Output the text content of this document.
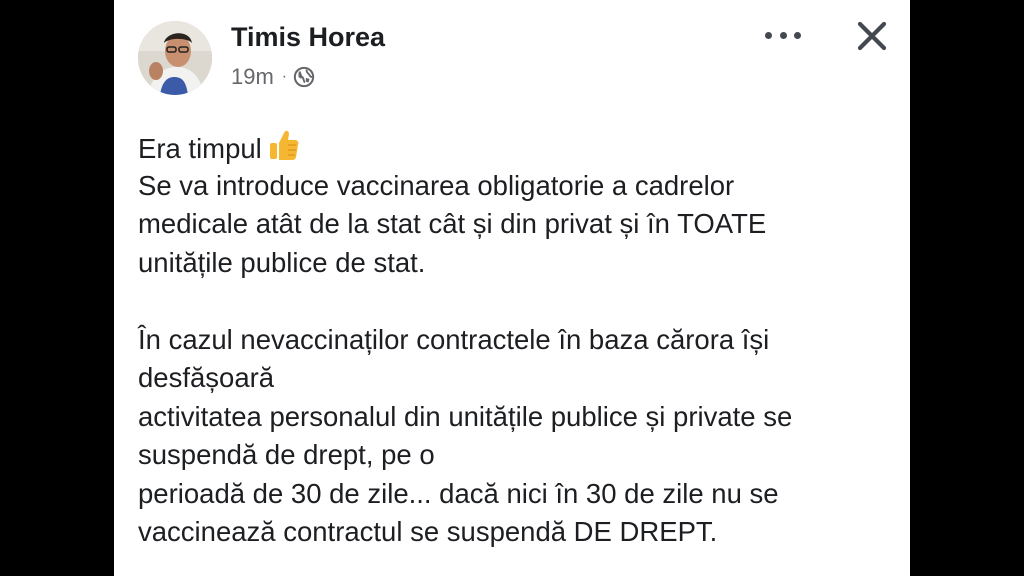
Timis Horea
19m ·
Era timpul
Se va introduce vaccinarea obligatorie a cadrelor
medicale atât de la stat cât și din privat și în TOATE
unitățile publice de stat.
În cazul nevaccinaților contractele în baza cărora își
desfășoară
activitatea personalul din unitățile publice și private se
suspendă de drept, pe o
perioadă de 30 de zile... dacă nici în 30 de zile nu se
vaccinează contractul se suspendă DE DREPT.
